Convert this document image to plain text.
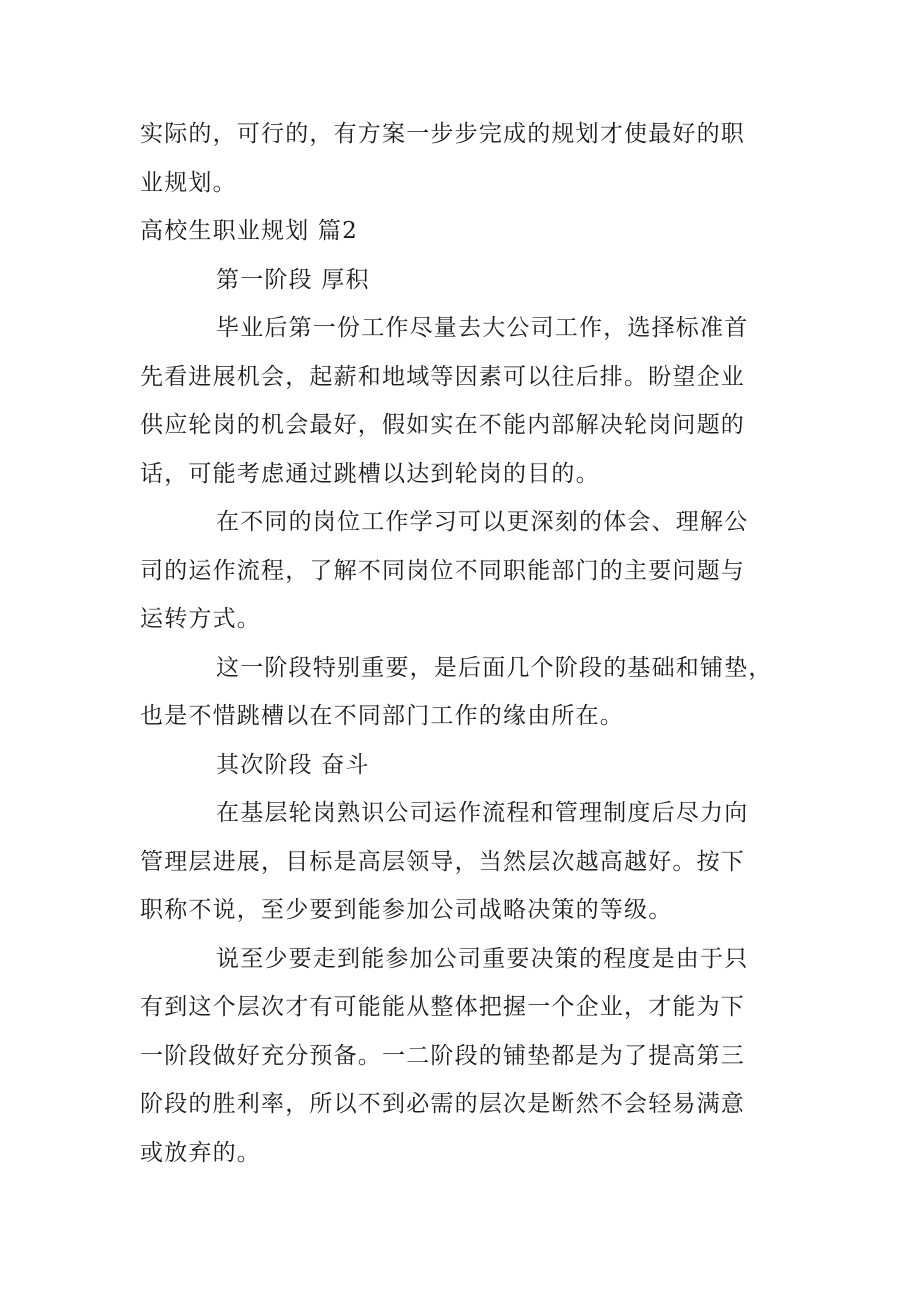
实际的，可行的，有方案一步步完成的规划才使最好的职
业规划。
高校生职业规划 篇2
第一阶段 厚积
毕业后第一份工作尽量去大公司工作，选择标准首
先看进展机会，起薪和地域等因素可以往后排。盼望企业
供应轮岗的机会最好，假如实在不能内部解决轮岗问题的
话，可能考虑通过跳槽以达到轮岗的目的。
在不同的岗位工作学习可以更深刻的体会、理解公
司的运作流程，了解不同岗位不同职能部门的主要问题与
运转方式。
这一阶段特别重要，是后面几个阶段的基础和铺垫，
也是不惜跳槽以在不同部门工作的缘由所在。
其次阶段 奋斗
在基层轮岗熟识公司运作流程和管理制度后尽力向
管理层进展，目标是高层领导，当然层次越高越好。按下
职称不说，至少要到能参加公司战略决策的等级。
说至少要走到能参加公司重要决策的程度是由于只
有到这个层次才有可能能从整体把握一个企业，才能为下
一阶段做好充分预备。一二阶段的铺垫都是为了提高第三
阶段的胜利率，所以不到必需的层次是断然不会轻易满意
或放弃的。
